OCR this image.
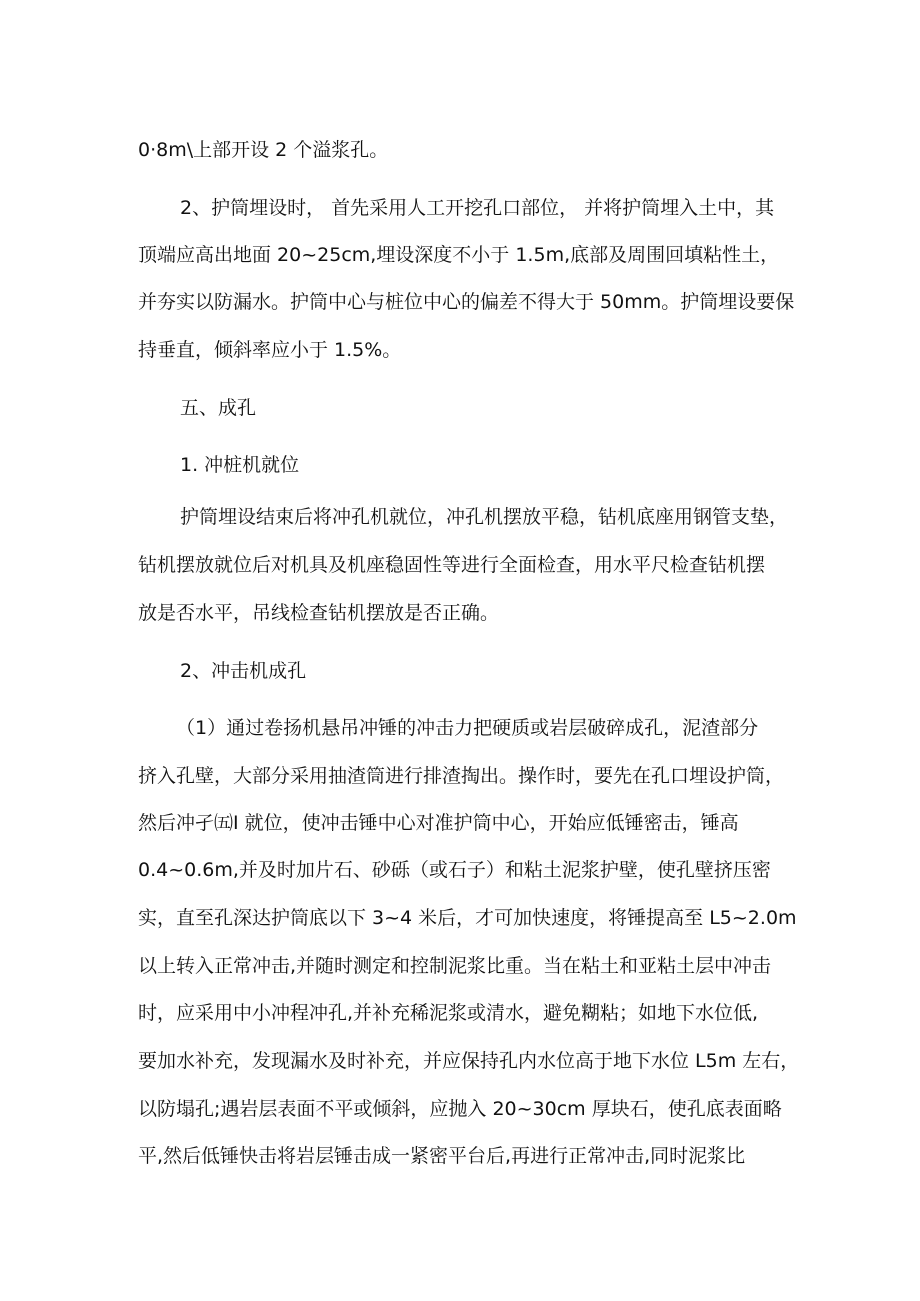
0·8m\上部开设 2 个溢浆孔。
2、护筒埋设时， 首先采用人工开挖孔口部位， 并将护筒埋入土中，其
顶端应高出地面 20~25cm,埋设深度不小于 1.5m,底部及周围回填粘性土，
并夯实以防漏水。护筒中心与桩位中心的偏差不得大于 50mm。护筒埋设要保
持垂直，倾斜率应小于 1.5%。
五、成孔
1. 冲桩机就位
护筒埋设结束后将冲孔机就位，冲孔机摆放平稳，钻机底座用钢管支垫，
钻机摆放就位后对机具及机座稳固性等进行全面检查，用水平尺检查钻机摆
放是否水平，吊线检查钻机摆放是否正确。
2、冲击机成孔
（1）通过卷扬机悬吊冲锤的冲击力把硬质或岩层破碎成孔，泥渣部分
挤入孔壁，大部分采用抽渣筒进行排渣掏出。操作时，要先在孔口埋设护筒，
然后冲孑㈤I 就位，使冲击锤中心对准护筒中心，开始应低锤密击，锤高
0.4~0.6m,并及时加片石、砂砾（或石子）和粘土泥浆护壁，使孔壁挤压密
实，直至孔深达护筒底以下 3~4 米后，才可加快速度，将锤提高至 L5~2.0m
以上转入正常冲击,并随时测定和控制泥浆比重。当在粘土和亚粘土层中冲击
时，应采用中小冲程冲孔,并补充稀泥浆或清水，避免糊粘；如地下水位低,
要加水补充，发现漏水及时补充，并应保持孔内水位高于地下水位 L5m 左右，
以防塌孔;遇岩层表面不平或倾斜，应抛入 20~30cm 厚块石，使孔底表面略
平,然后低锤快击将岩层锤击成一紧密平台后,再进行正常冲击,同时泥浆比
